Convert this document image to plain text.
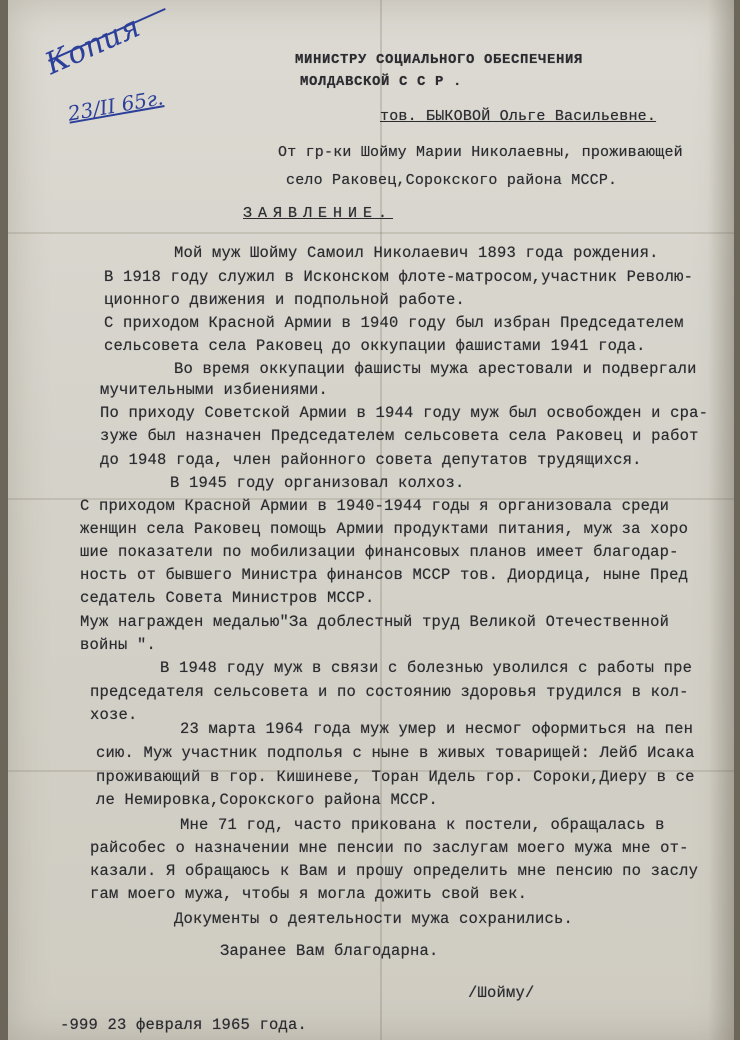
Копия
23/II 65г.
МИНИСТРУ СОЦИАЛЬНОГО ОБЕСПЕЧЕНИЯ
МОЛДАВСКОЙ С С Р .
тов. БЫКОВОЙ Ольге Васильевне.
От гр-ки Шойму Марии Николаевны, проживающей
село Раковец,Сорокского района МССР.
ЗАЯВЛЕНИЕ.
Мой муж Шойму Самоил Николаевич 1893 года рождения.
В 1918 году служил в Исконском флоте-матросом,участник Револю-
ционного движения и подпольной работе.
С приходом Красной Армии в 1940 году был избран Председателем
сельсовета села Раковец до оккупации фашистами 1941 года.
Во время оккупации фашисты мужа арестовали и подвергали
мучительными избиениями.
По приходу Советской Армии в 1944 году муж был освобожден и сра-
зуже был назначен Председателем сельсовета села Раковец и работ
до 1948 года, член районного совета депутатов трудящихся.
В 1945 году организовал колхоз.
С приходом Красной Армии в 1940-1944 годы я организовала среди
женщин села Раковец помощь Армии продуктами питания, муж за хоро
шие показатели по мобилизации финансовых планов имеет благодар-
ность от бывшего Министра финансов МССР тов. Диордица, ныне Пред
седатель Совета Министров МССР.
Муж награжден медалью"За доблестный труд Великой Отечественной
войны ".
В 1948 году муж в связи с болезнью уволился с работы пре
председателя сельсовета и по состоянию здоровья трудился в кол-
хозе.
23 марта 1964 года муж умер и несмог оформиться на пен
сию. Муж участник подполья с ныне в живых товарищей: Лейб Исака
проживающий в гор. Кишиневе, Торан Идель гор. Сороки,Диеру в се
ле Немировка,Сорокского района МССР.
Мне 71 год, часто прикована к постели, обращалась в
райсобес о назначении мне пенсии по заслугам моего мужа мне от-
казали. Я обращаюсь к Вам и прошу определить мне пенсию по заслу
гам моего мужа, чтобы я могла дожить свой век.
Документы о деятельности мужа сохранились.
Заранее Вам благодарна.
/Шойму/
-999 23 февраля 1965 года.
